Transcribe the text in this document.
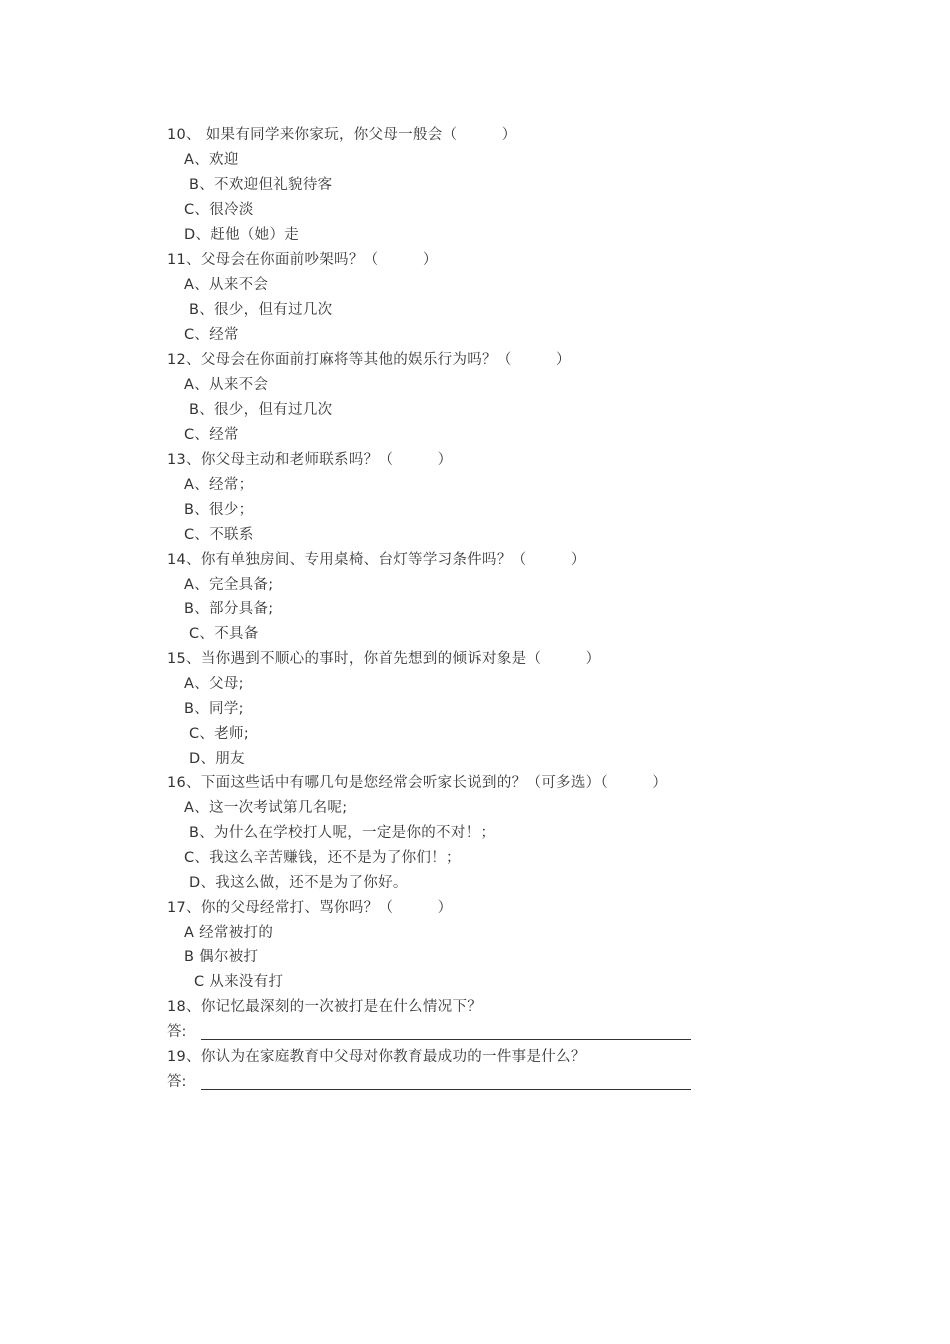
10、 如果有同学来你家玩，你父母一般会（　　　）
A、欢迎
B、不欢迎但礼貌待客
C、很冷淡
D、赶他（她）走
11、父母会在你面前吵架吗？（　　　）
A、从来不会
B、很少，但有过几次
C、经常
12、父母会在你面前打麻将等其他的娱乐行为吗？（　　　）
A、从来不会
B、很少，但有过几次
C、经常
13、你父母主动和老师联系吗？（　　　）
A、经常；
B、很少；
C、不联系
14、你有单独房间、专用桌椅、台灯等学习条件吗？（　　　）
A、完全具备;
B、部分具备;
C、不具备
15、当你遇到不顺心的事时，你首先想到的倾诉对象是（　　　）
A、父母;
B、同学;
C、老师;
D、朋友
16、下面这些话中有哪几句是您经常会听家长说到的？（可多选）（　　　）
A、这一次考试第几名呢;
B、为什么在学校打人呢，一定是你的不对！；
C、我这么辛苦赚钱，还不是为了你们！；
D、我这么做，还不是为了你好。
17、你的父母经常打、骂你吗？（　　　）
A 经常被打的
B 偶尔被打
C 从来没有打
18、你记忆最深刻的一次被打是在什么情况下？
答:
19、你认为在家庭教育中父母对你教育最成功的一件事是什么？
答:
